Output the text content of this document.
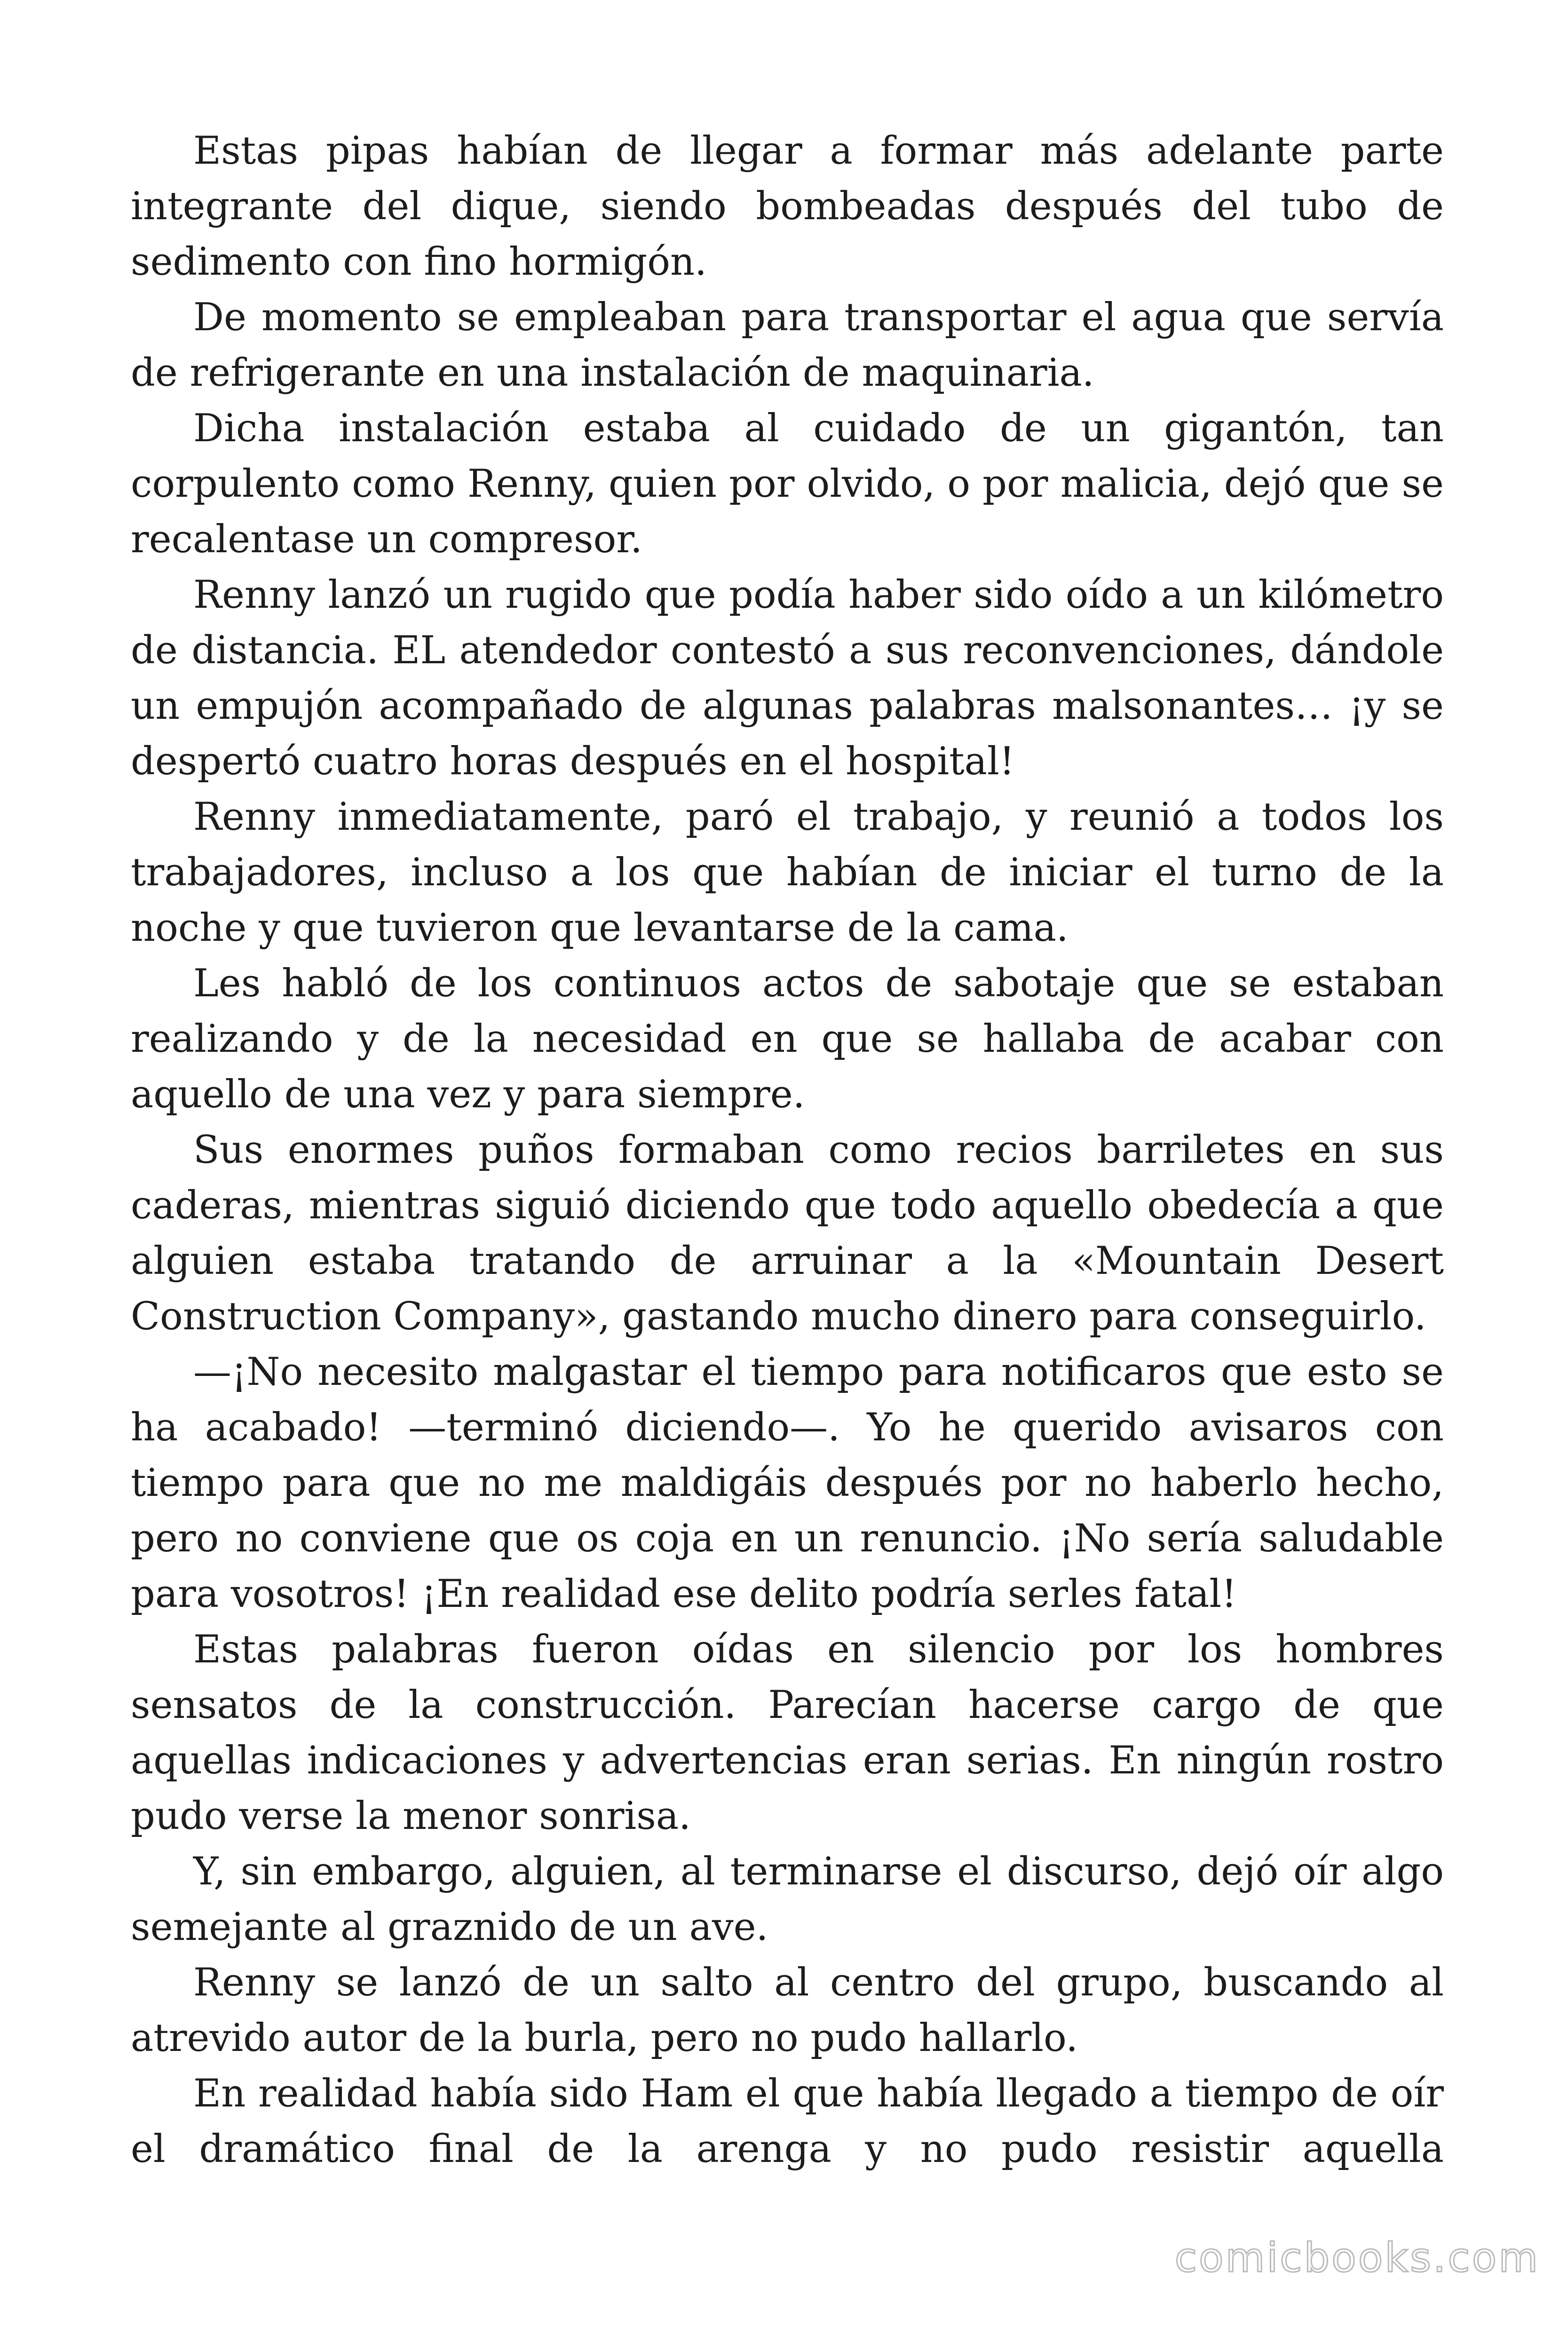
Estas pipas habían de llegar a formar más adelante parte integrante del dique, siendo bombeadas después del tubo de sedimento con fino hormigón.

De momento se empleaban para transportar el agua que servía de refrigerante en una instalación de maquinaria.

Dicha instalación estaba al cuidado de un gigantón, tan corpulento como Renny, quien por olvido, o por malicia, dejó que se recalentase un compresor.

Renny lanzó un rugido que podía haber sido oído a un kilómetro de distancia. EL atendedor contestó a sus reconvenciones, dándole un empujón acompañado de algunas palabras malsonantes… ¡y se despertó cuatro horas después en el hospital!

Renny inmediatamente, paró el trabajo, y reunió a todos los trabajadores, incluso a los que habían de iniciar el turno de la noche y que tuvieron que levantarse de la cama.

Les habló de los continuos actos de sabotaje que se estaban realizando y de la necesidad en que se hallaba de acabar con aquello de una vez y para siempre.

Sus enormes puños formaban como recios barriletes en sus caderas, mientras siguió diciendo que todo aquello obedecía a que alguien estaba tratando de arruinar a la «Mountain Desert Construction Company», gastando mucho dinero para conseguirlo.

—¡No necesito malgastar el tiempo para notificaros que esto se ha acabado! —terminó diciendo—. Yo he querido avisaros con tiempo para que no me maldigáis después por no haberlo hecho, pero no conviene que os coja en un renuncio. ¡No sería saludable para vosotros! ¡En realidad ese delito podría serles fatal!

Estas palabras fueron oídas en silencio por los hombres sensatos de la construcción. Parecían hacerse cargo de que aquellas indicaciones y advertencias eran serias. En ningún rostro pudo verse la menor sonrisa.

Y, sin embargo, alguien, al terminarse el discurso, dejó oír algo semejante al graznido de un ave.

Renny se lanzó de un salto al centro del grupo, buscando al atrevido autor de la burla, pero no pudo hallarlo.

En realidad había sido Ham el que había llegado a tiempo de oír el dramático final de la arenga y no pudo resistir aquella

comicbooks.com
